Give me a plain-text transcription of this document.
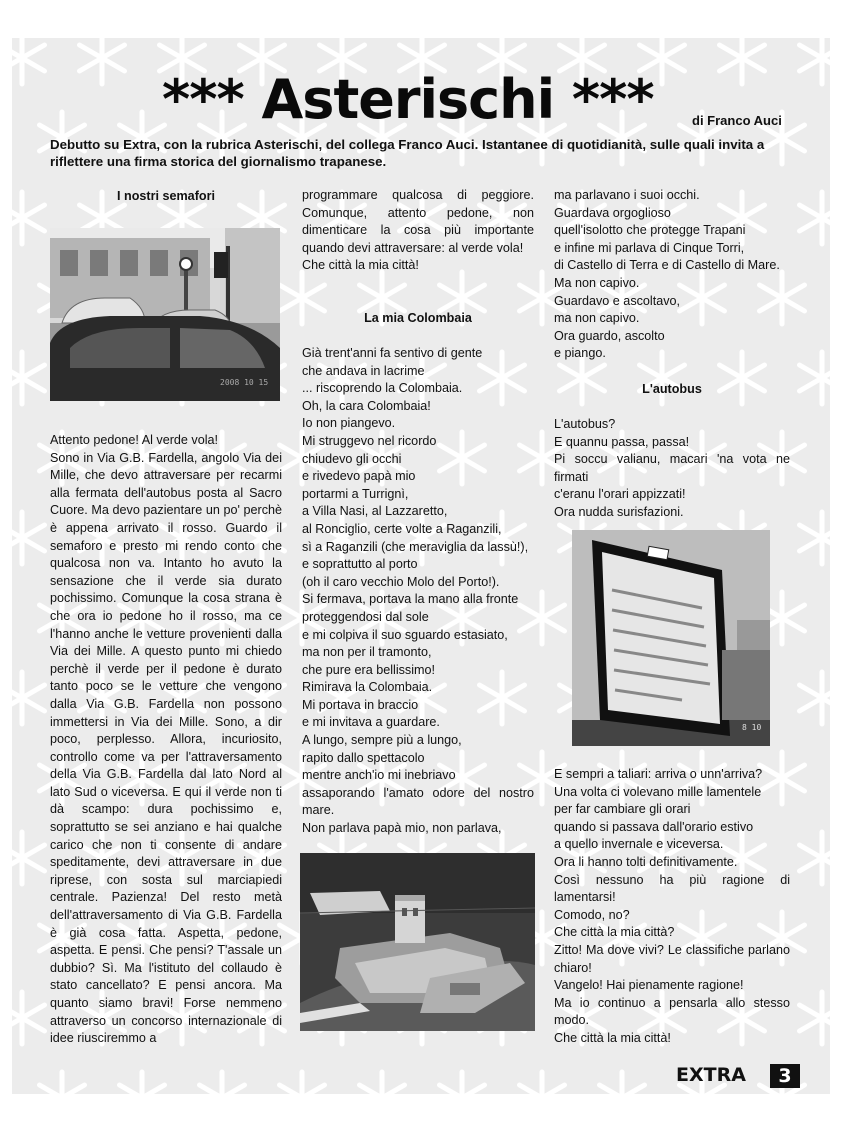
*** Asterischi ***	di Franco Auci
Debutto su Extra, con la rubrica Asterischi, del collega Franco Auci. Istantanee di quotidianità, sulle quali invita a riflettere una firma storica del giornalismo trapanese.
I nostri semafori
2008 10 15

Attento pedone! Al verde vola!

Sono in Via G.B. Fardella, angolo Via dei Mille, che devo attraversare per recarmi alla fermata dell'autobus posta al Sacro Cuore. Ma devo pazientare un po' perchè è appena arrivato il rosso. Guardo il semaforo e presto mi rendo conto che qualcosa non va. Intanto ho avuto la sensazione che il verde sia durato pochissimo. Comunque la cosa strana è che ora io pedone ho il rosso, ma ce l'hanno anche le vetture provenienti dalla Via dei Mille. A questo punto mi chiedo perchè il verde per il pedone è durato tanto poco se le vetture che vengono dalla Via G.B. Fardella non possono immettersi in Via dei Mille. Sono, a dir poco, perplesso. Allora, incuriosito, controllo come va per l'attraversamento della Via G.B. Fardella dal lato Nord al lato Sud o viceversa. E qui il verde non ti dà scampo: dura pochissimo e, soprattutto se sei anziano e hai qualche carico che non ti consente di andare speditamente, devi attraversare in due riprese, con sosta sul marciapiedi centrale. Pazienza! Del resto metà dell'attraversamento di Via G.B. Fardella è già cosa fatta. Aspetta, pedone, aspetta. E pensi. Che pensi? T'assale un dubbio? Sì. Ma l'istituto del collaudo è stato cancellato? E pensi ancora. Ma quanto siamo bravi! Forse nemmeno attraverso un concorso internazionale di idee riusciremmo a

programmare qualcosa di peggiore. Comunque, attento pedone, non dimenticare la cosa più importante quando devi attraversare: al verde vola!

Che città la mia città!

La mia Colombaia

Già trent'anni fa sentivo di gente

che andava in lacrime

... riscoprendo la Colombaia.

Oh, la cara Colombaia!

Io non piangevo.

Mi struggevo nel ricordo

chiudevo gli occhi

e rivedevo papà mio

portarmi a Turrignì,

a Villa Nasi, al Lazzaretto,

al Ronciglio, certe volte a Raganzili,

sì a Raganzili (che meraviglia da lassù!),

e soprattutto al porto

(oh il caro vecchio Molo del Porto!).

Si fermava, portava la mano alla fronte

proteggendosi dal sole

e mi colpiva il suo sguardo estasiato,

ma non per il tramonto,

che pure era bellissimo!

Rimirava la Colombaia.

Mi portava in braccio

e mi invitava a guardare.

A lungo, sempre più a lungo,

rapito dallo spettacolo

mentre anch'io mi inebriavo

assaporando l'amato odore del nostro mare.

Non parlava papà mio, non parlava,

ma parlavano i suoi occhi.

Guardava orgoglioso

quell'isolotto che protegge Trapani

e infine mi parlava di Cinque Torri,

di Castello di Terra e di Castello di Mare.

Ma non capivo.

Guardavo e ascoltavo,

ma non capivo.

Ora guardo, ascolto

e piango.

L'autobus

L'autobus?

E quannu passa, passa!

Pi soccu valianu, macari 'na vota ne firmati

c'eranu l'orari appizzati!

Ora nudda surisfazioni.

8 10

E sempri a taliari: arriva o unn'arriva?

Una volta ci volevano mille lamentele

per far cambiare gli orari

quando si passava dall'orario estivo

a quello invernale e viceversa.

Ora li hanno tolti definitivamente.

Così nessuno ha più ragione di lamentarsi!

Comodo, no?

Che città la mia città?

Zitto! Ma dove vivi? Le classifiche parlano chiaro!

Vangelo! Hai pienamente ragione!

Ma io continuo a pensarla allo stesso modo.

Che città la mia città!

EXTRA	3
